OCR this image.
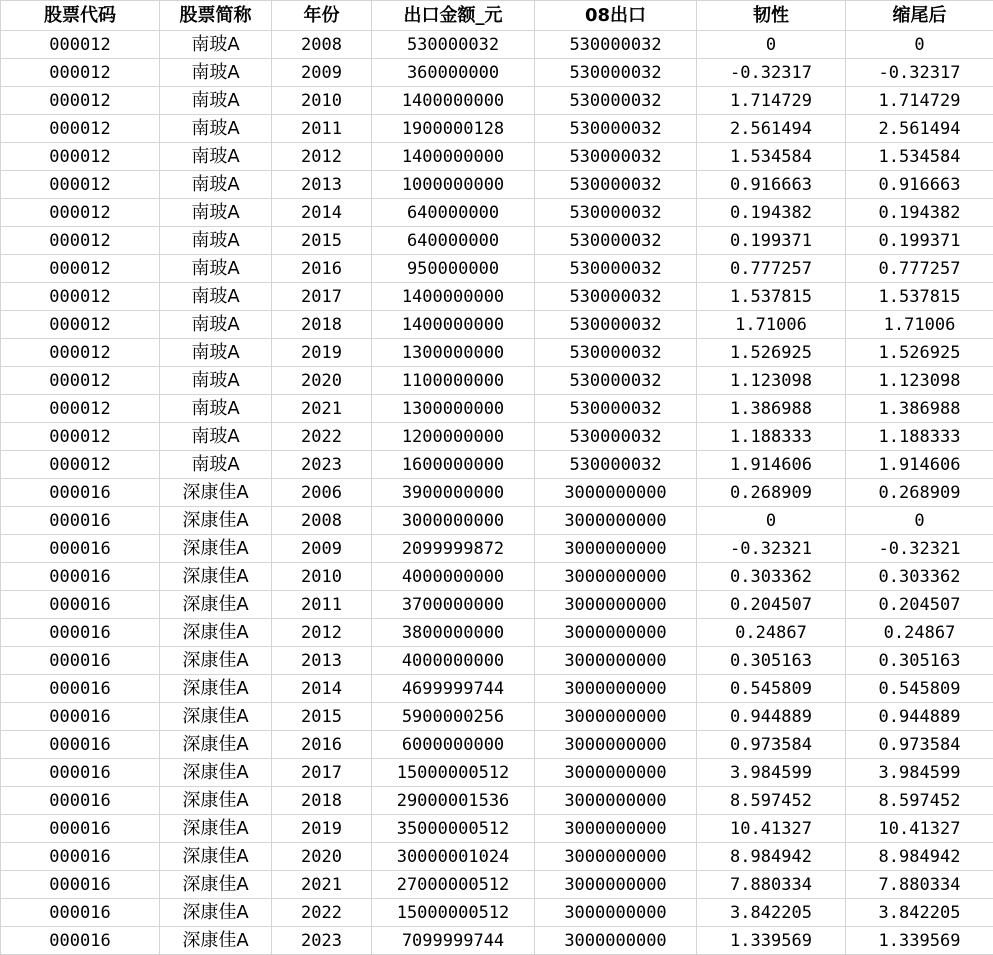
股票代码	股票简称	年份	出口金额_元	08出口	韧性	缩尾后
000012	南玻A	2008	530000032	530000032	0	0
000012	南玻A	2009	360000000	530000032	-0.32317	-0.32317
000012	南玻A	2010	1400000000	530000032	1.714729	1.714729
000012	南玻A	2011	1900000128	530000032	2.561494	2.561494
000012	南玻A	2012	1400000000	530000032	1.534584	1.534584
000012	南玻A	2013	1000000000	530000032	0.916663	0.916663
000012	南玻A	2014	640000000	530000032	0.194382	0.194382
000012	南玻A	2015	640000000	530000032	0.199371	0.199371
000012	南玻A	2016	950000000	530000032	0.777257	0.777257
000012	南玻A	2017	1400000000	530000032	1.537815	1.537815
000012	南玻A	2018	1400000000	530000032	1.71006	1.71006
000012	南玻A	2019	1300000000	530000032	1.526925	1.526925
000012	南玻A	2020	1100000000	530000032	1.123098	1.123098
000012	南玻A	2021	1300000000	530000032	1.386988	1.386988
000012	南玻A	2022	1200000000	530000032	1.188333	1.188333
000012	南玻A	2023	1600000000	530000032	1.914606	1.914606
000016	深康佳A	2006	3900000000	3000000000	0.268909	0.268909
000016	深康佳A	2008	3000000000	3000000000	0	0
000016	深康佳A	2009	2099999872	3000000000	-0.32321	-0.32321
000016	深康佳A	2010	4000000000	3000000000	0.303362	0.303362
000016	深康佳A	2011	3700000000	3000000000	0.204507	0.204507
000016	深康佳A	2012	3800000000	3000000000	0.24867	0.24867
000016	深康佳A	2013	4000000000	3000000000	0.305163	0.305163
000016	深康佳A	2014	4699999744	3000000000	0.545809	0.545809
000016	深康佳A	2015	5900000256	3000000000	0.944889	0.944889
000016	深康佳A	2016	6000000000	3000000000	0.973584	0.973584
000016	深康佳A	2017	15000000512	3000000000	3.984599	3.984599
000016	深康佳A	2018	29000001536	3000000000	8.597452	8.597452
000016	深康佳A	2019	35000000512	3000000000	10.41327	10.41327
000016	深康佳A	2020	30000001024	3000000000	8.984942	8.984942
000016	深康佳A	2021	27000000512	3000000000	7.880334	7.880334
000016	深康佳A	2022	15000000512	3000000000	3.842205	3.842205
000016	深康佳A	2023	7099999744	3000000000	1.339569	1.339569
